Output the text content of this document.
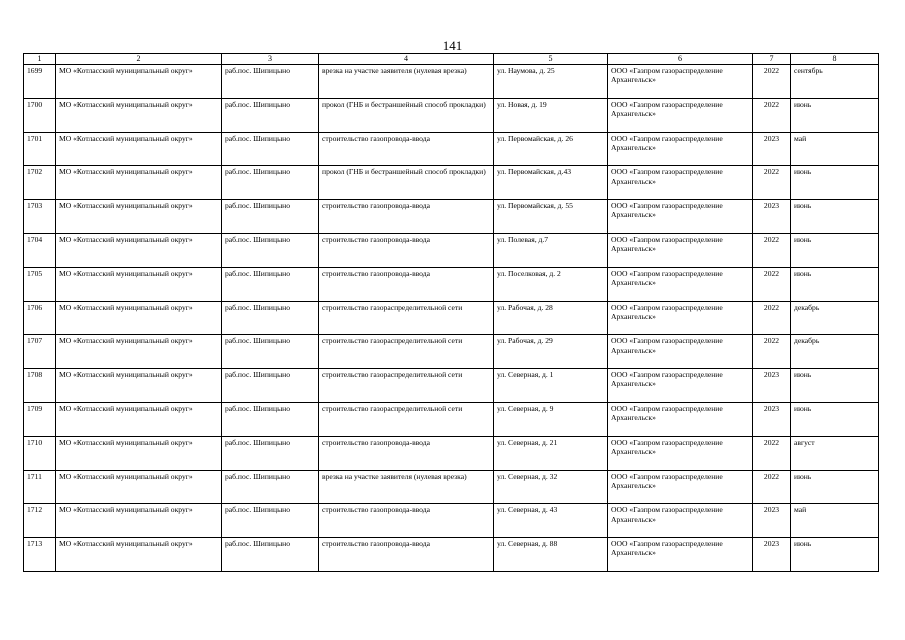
141
1	2	3	4	5	6	7	8
1699	МО «Котласский муниципальный округ»	раб.пос. Шипицыно	врезка на участке заявителя (нулевая врезка)	ул. Наумова, д. 25	ООО «Газпром газораспределение Архангельск»	2022	сентябрь
1700	МО «Котласский муниципальный округ»	раб.пос. Шипицыно	прокол (ГНБ и бестраншейный способ прокладки)	ул. Новая, д. 19	ООО «Газпром газораспределение Архангельск»	2022	июнь
1701	МО «Котласский муниципальный округ»	раб.пос. Шипицыно	строительство газопровода-ввода	ул. Первомайская, д. 26	ООО «Газпром газораспределение Архангельск»	2023	май
1702	МО «Котласский муниципальный округ»	раб.пос. Шипицыно	прокол (ГНБ и бестраншейный способ прокладки)	ул. Первомайская, д.43	ООО «Газпром газораспределение Архангельск»	2022	июнь
1703	МО «Котласский муниципальный округ»	раб.пос. Шипицыно	строительство газопровода-ввода	ул. Первомайская, д. 55	ООО «Газпром газораспределение Архангельск»	2023	июнь
1704	МО «Котласский муниципальный округ»	раб.пос. Шипицыно	строительство газопровода-ввода	ул. Полевая, д.7	ООО «Газпром газораспределение Архангельск»	2022	июнь
1705	МО «Котласский муниципальный округ»	раб.пос. Шипицыно	строительство газопровода-ввода	ул. Поселковая, д. 2	ООО «Газпром газораспределение Архангельск»	2022	июнь
1706	МО «Котласский муниципальный округ»	раб.пос. Шипицыно	строительство газораспределительной сети	ул. Рабочая, д. 28	ООО «Газпром газораспределение Архангельск»	2022	декабрь
1707	МО «Котласский муниципальный округ»	раб.пос. Шипицыно	строительство газораспределительной сети	ул. Рабочая, д. 29	ООО «Газпром газораспределение Архангельск»	2022	декабрь
1708	МО «Котласский муниципальный округ»	раб.пос. Шипицыно	строительство газораспределительной сети	ул. Северная, д. 1	ООО «Газпром газораспределение Архангельск»	2023	июнь
1709	МО «Котласский муниципальный округ»	раб.пос. Шипицыно	строительство газораспределительной сети	ул. Северная, д. 9	ООО «Газпром газораспределение Архангельск»	2023	июнь
1710	МО «Котласский муниципальный округ»	раб.пос. Шипицыно	строительство газопровода-ввода	ул. Северная, д. 21	ООО «Газпром газораспределение Архангельск»	2022	август
1711	МО «Котласский муниципальный округ»	раб.пос. Шипицыно	врезка на участке заявителя (нулевая врезка)	ул. Северная, д. 32	ООО «Газпром газораспределение Архангельск»	2022	июнь
1712	МО «Котласский муниципальный округ»	раб.пос. Шипицыно	строительство газопровода-ввода	ул. Северная, д. 43	ООО «Газпром газораспределение Архангельск»	2023	май
1713	МО «Котласский муниципальный округ»	раб.пос. Шипицыно	строительство газопровода-ввода	ул. Северная, д. 88	ООО «Газпром газораспределение Архангельск»	2023	июнь
